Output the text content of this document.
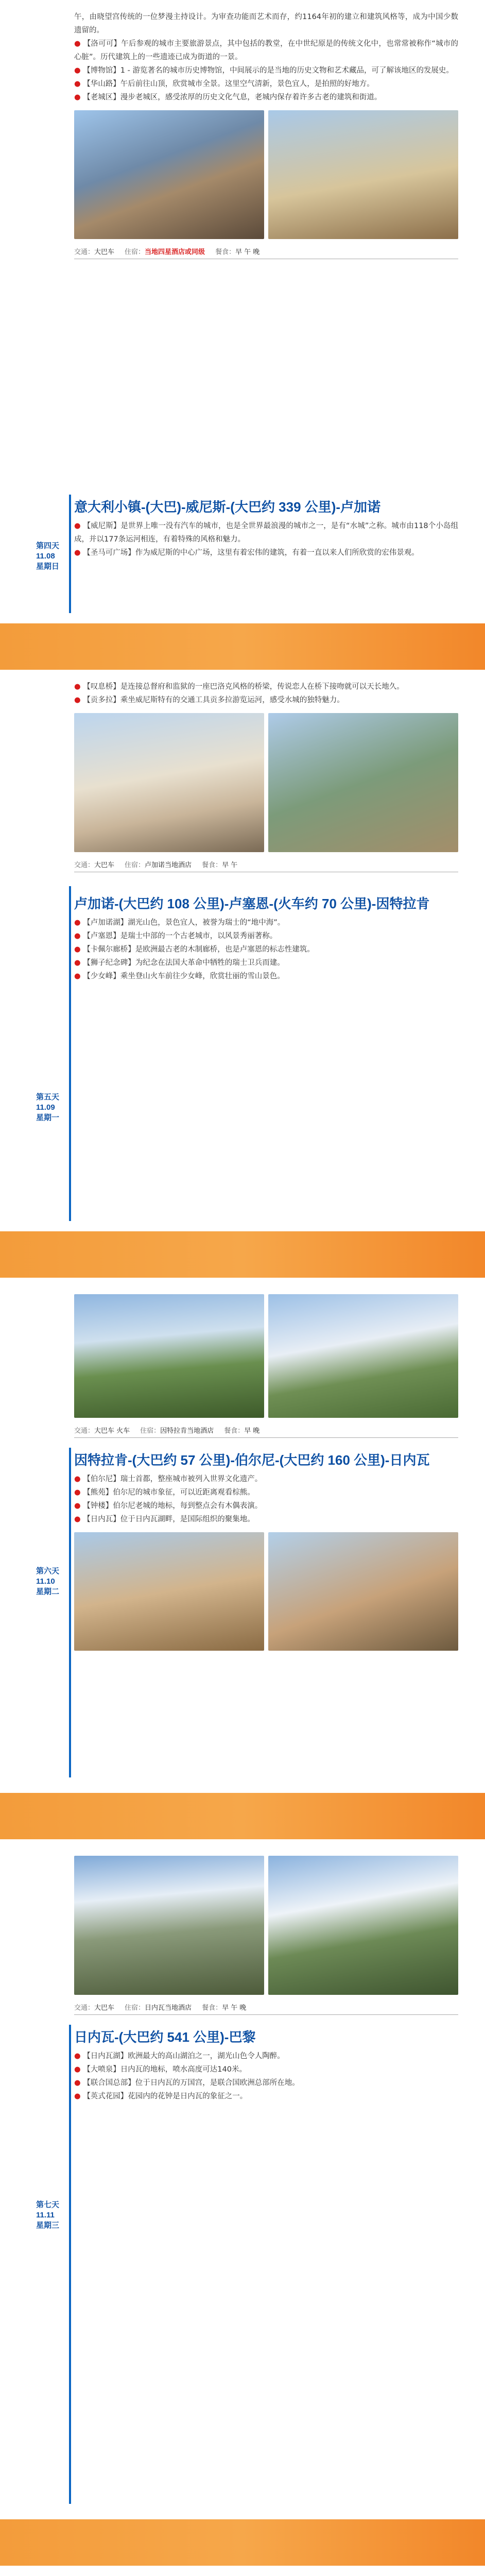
午，由晓望宫传统的一位梦漫主持设计。为审查功能而艺术而存，约1164年初的建立和建筑风格等，成为中国少数遗留的。

● 【洛可可】午后参观的城市主要旅游景点，其中包括的教堂，在中世纪原是的传统文化中，也常常被称作“城市的心脏”。历代建筑上的一些遗迹已成为街道的一景。

● 【博物馆】1 - 游览著名的城市历史博物馆，中间展示的是当地的历史文物和艺术藏品，可了解该地区的发展史。

● 【华山路】午后前往山顶，欣赏城市全景。这里空气清新，景色宜人，是拍照的好地方。

● 【老城区】漫步老城区，感受浓厚的历史文化气息，老城内保存着许多古老的建筑和街道。

交通：大巴车 住宿：当地四星酒店或同级 餐食：早 午 晚
第四天
11.08
星期日
意大利小镇-(大巴)-威尼斯-(大巴约 339 公里)-卢加诺

● 【威尼斯】是世界上唯一没有汽车的城市，也是全世界最浪漫的城市之一，是有“水城”之称。城市由118个小岛组成，并以177条运河相连，有着特殊的风格和魅力。

● 【圣马可广场】作为威尼斯的中心广场，这里有着宏伟的建筑，有着一直以来人们所欣赏的宏伟景观。

● 【叹息桥】是连接总督府和监狱的一座巴洛克风格的桥梁，传说恋人在桥下接吻就可以天长地久。

● 【贡多拉】乘坐威尼斯特有的交通工具贡多拉游览运河，感受水城的独特魅力。

交通：大巴车 住宿：卢加诺当地酒店 餐食：早 午
第五天
11.09
星期一
卢加诺-(大巴约 108 公里)-卢塞恩-(火车约 70 公里)-因特拉肯

● 【卢加诺湖】湖光山色，景色宜人，被誉为瑞士的“地中海”。

● 【卢塞恩】是瑞士中部的一个古老城市，以风景秀丽著称。

● 【卡佩尔廊桥】是欧洲最古老的木制廊桥，也是卢塞恩的标志性建筑。

● 【狮子纪念碑】为纪念在法国大革命中牺牲的瑞士卫兵而建。

● 【少女峰】乘坐登山火车前往少女峰，欣赏壮丽的雪山景色。

交通：大巴车 火车 住宿：因特拉肯当地酒店 餐食：早 晚
第六天
11.10
星期二
因特拉肯-(大巴约 57 公里)-伯尔尼-(大巴约 160 公里)-日内瓦

● 【伯尔尼】瑞士首都，整座城市被列入世界文化遗产。

● 【熊苑】伯尔尼的城市象征，可以近距离观看棕熊。

● 【钟楼】伯尔尼老城的地标，每到整点会有木偶表演。

● 【日内瓦】位于日内瓦湖畔，是国际组织的聚集地。

交通：大巴车 住宿：日内瓦当地酒店 餐食：早 午 晚
第七天
11.11
星期三
日内瓦-(大巴约 541 公里)-巴黎

● 【日内瓦湖】欧洲最大的高山湖泊之一，湖光山色令人陶醉。

● 【大喷泉】日内瓦的地标，喷水高度可达140米。

● 【联合国总部】位于日内瓦的万国宫，是联合国欧洲总部所在地。

● 【英式花园】花园内的花钟是日内瓦的象征之一。
